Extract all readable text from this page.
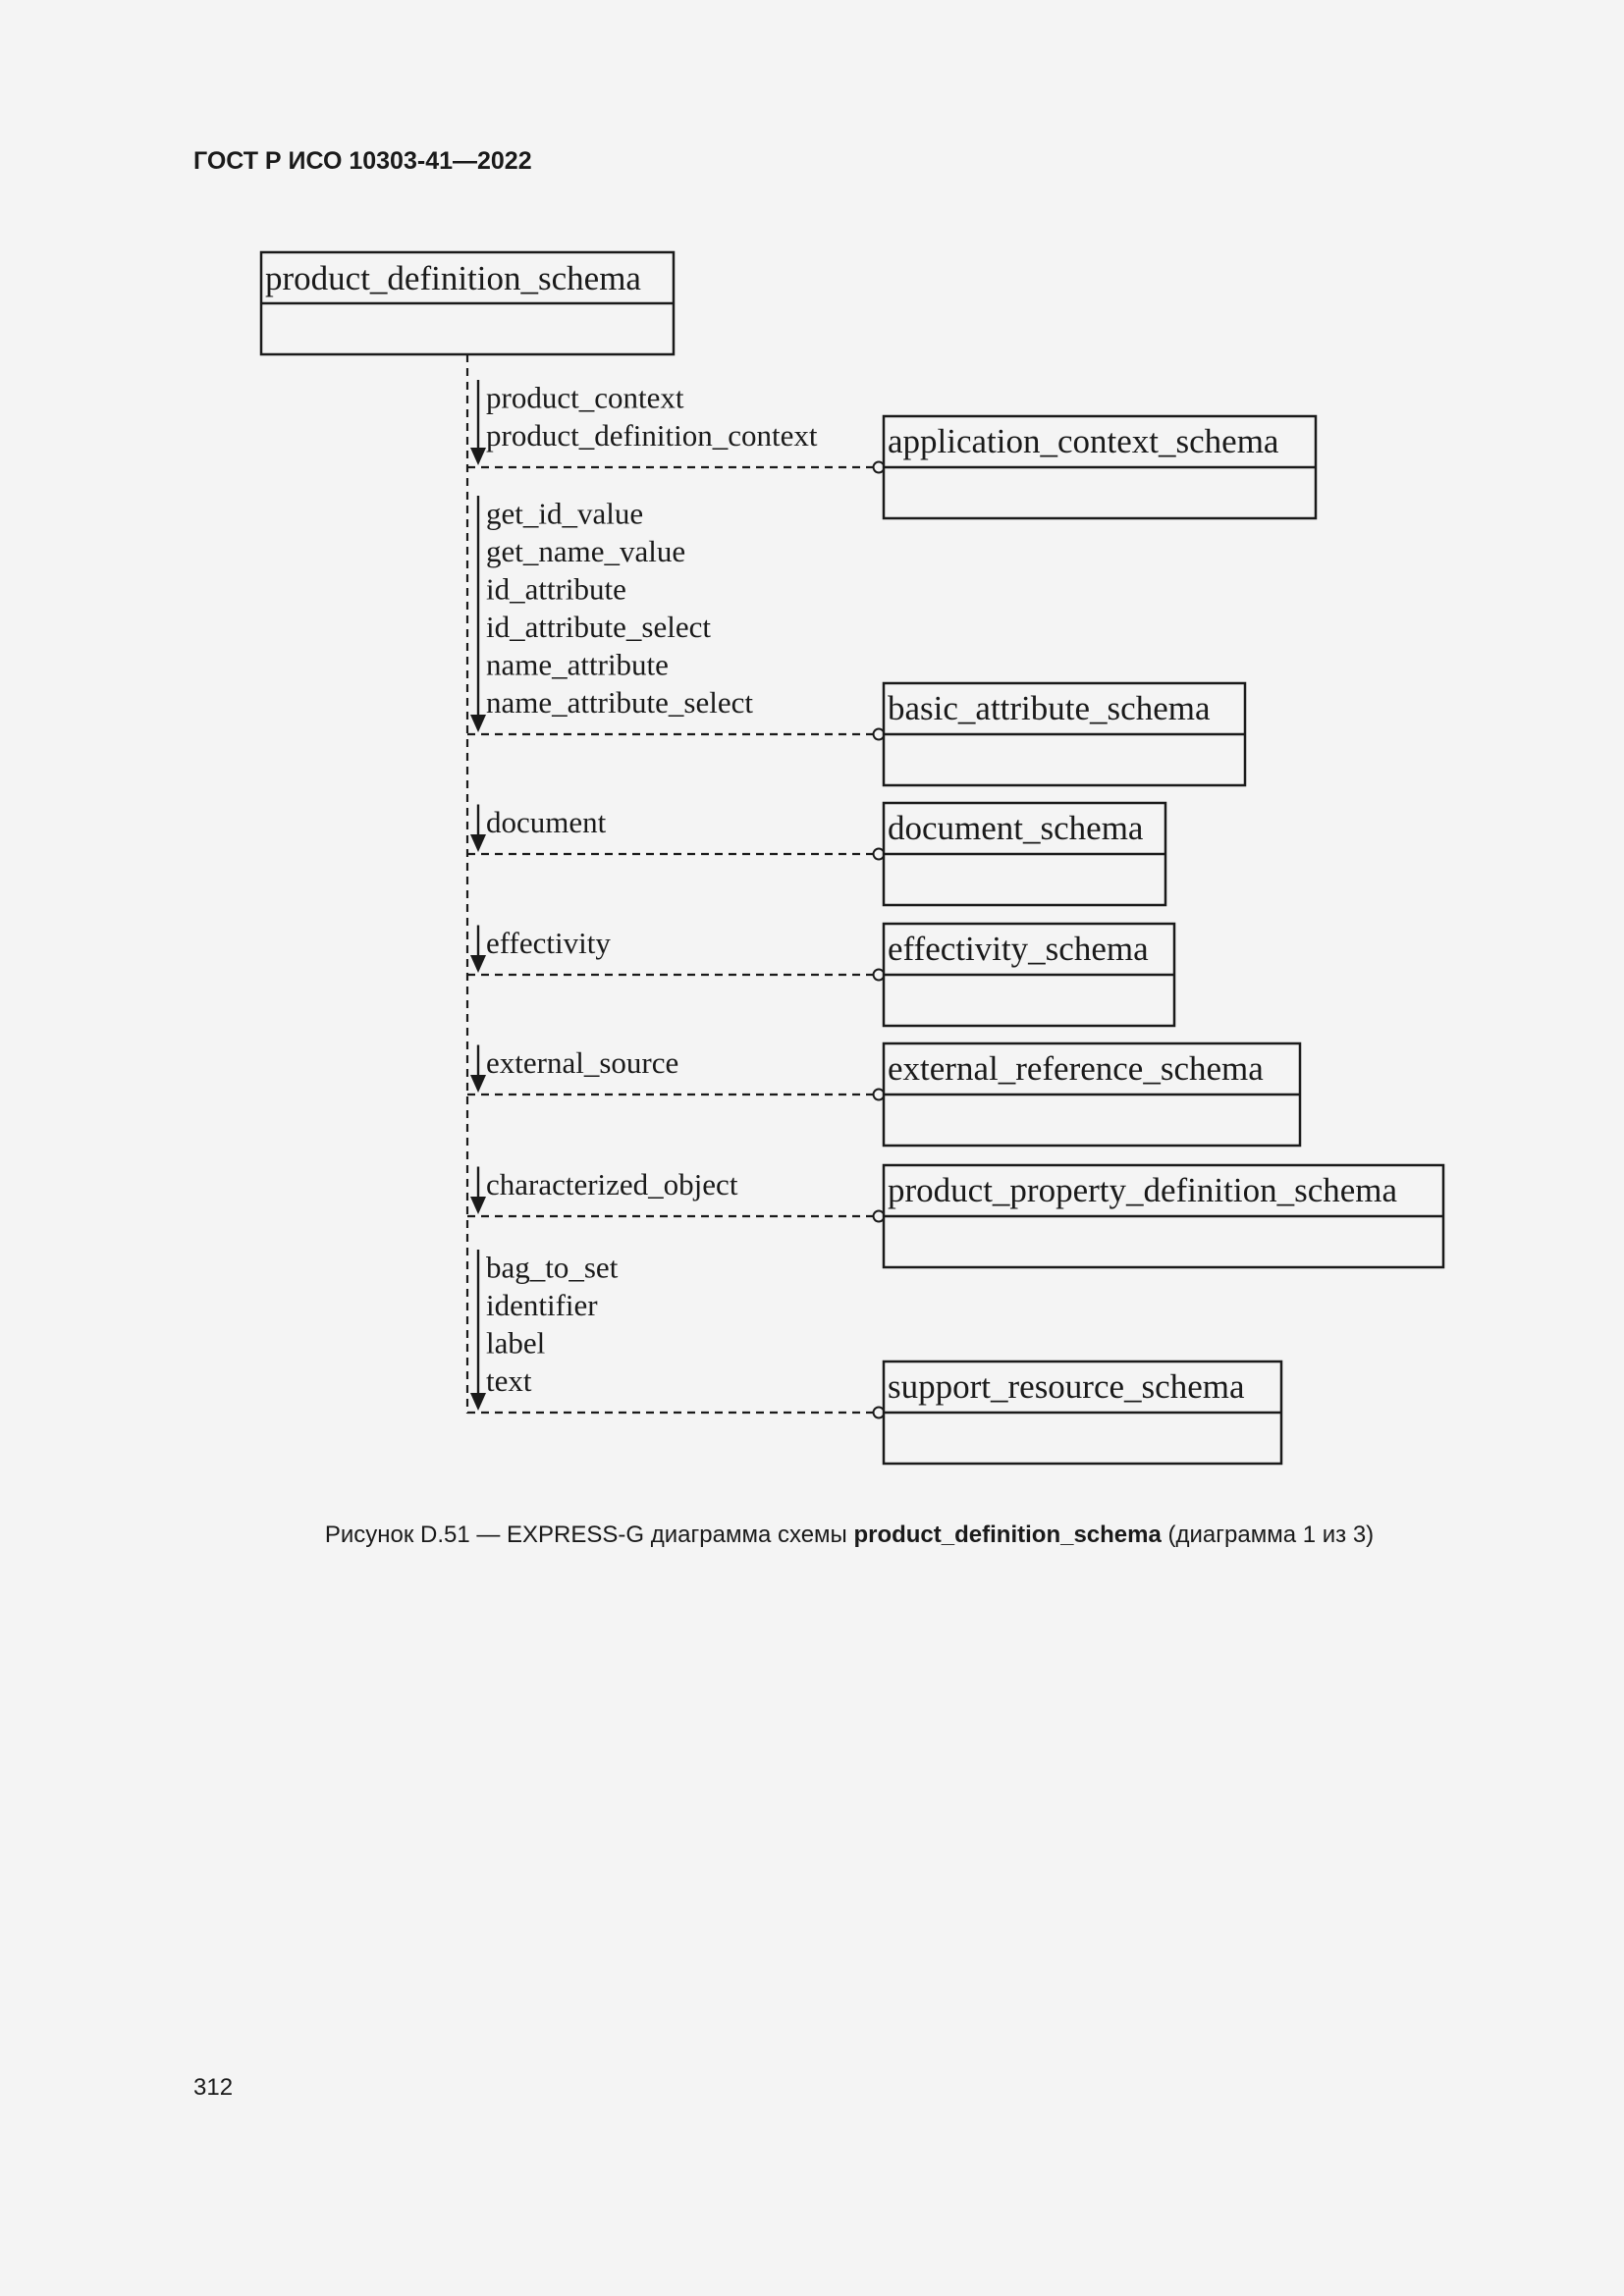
ГОСТ Р ИСО 10303-41—2022

product_definition_schema
product_context
product_definition_context application_context_schema
get_id_value
get_name_value
id_attribute
id_attribute_select
name_attribute
name_attribute_select	basic_attribute_schema
document	document_schema
effectivity	effectivity_schema
external_source	external_reference_schema
characterized_object	product_property_definition_schema
bag_to_set
identifier
label
text	support_resource_schema

Рисунок D.51 — EXPRESS-G диаграмма схемы product_definition_schema (диаграмма 1 из 3)

312
